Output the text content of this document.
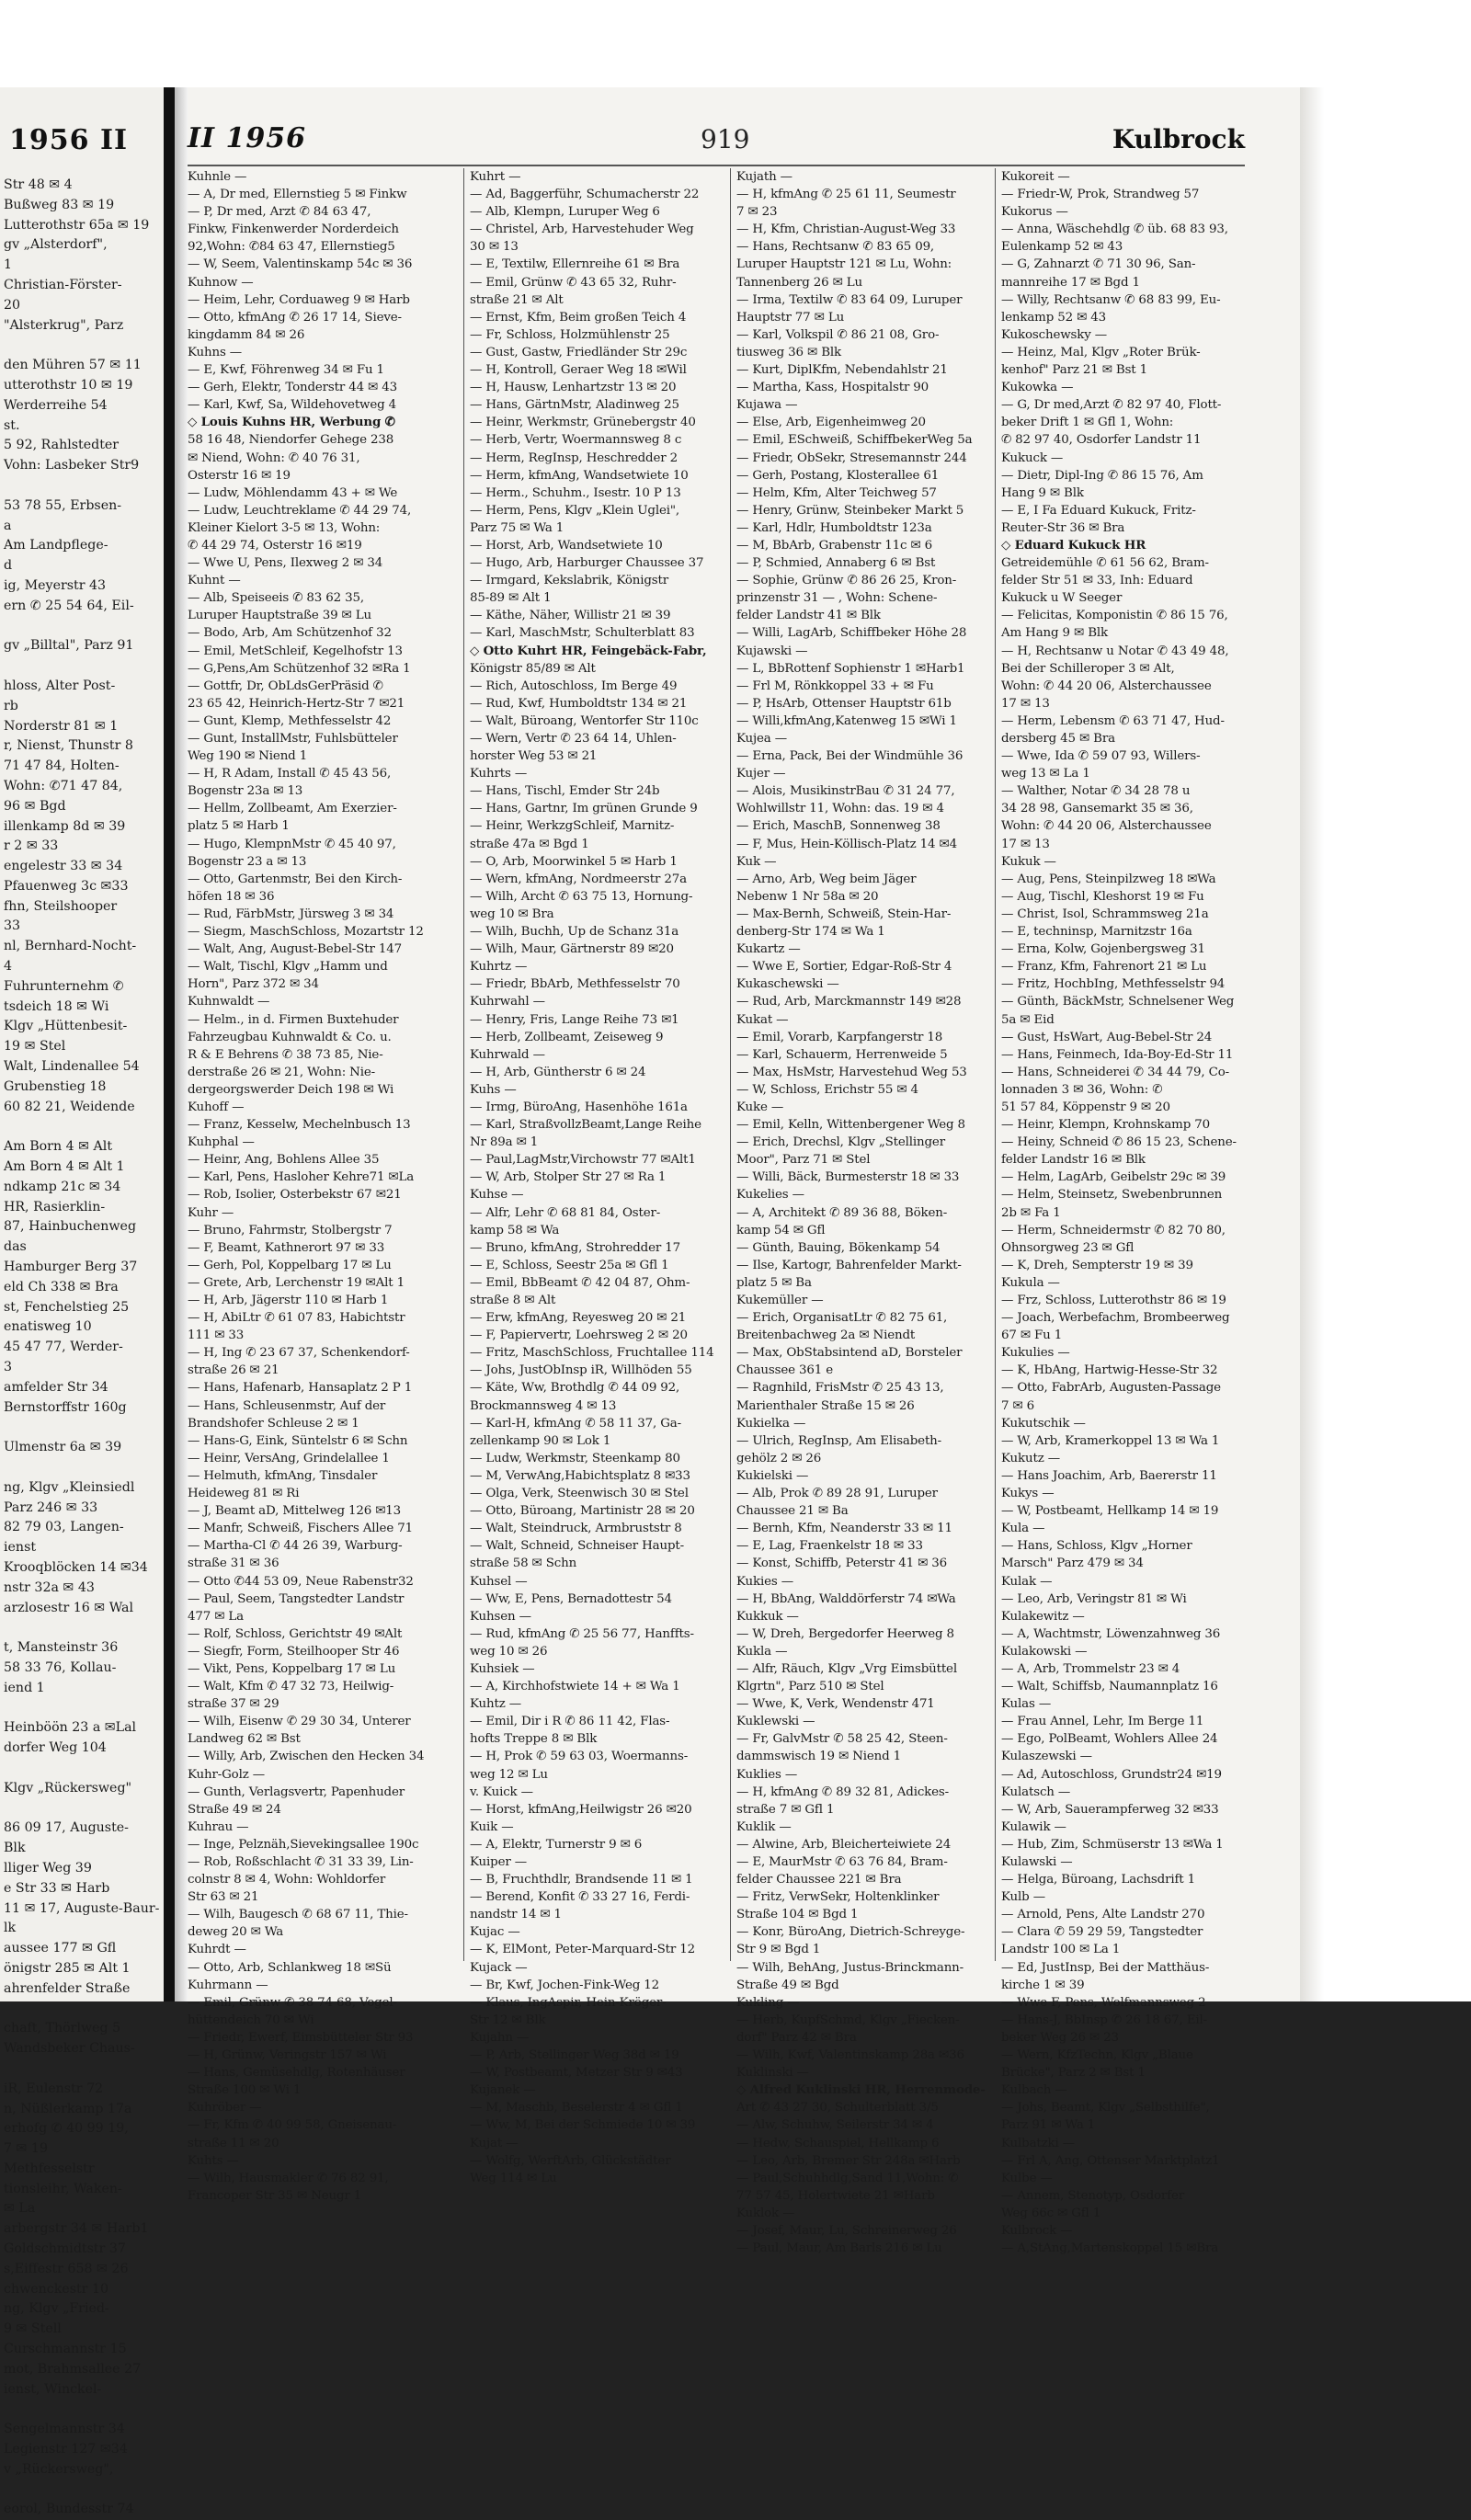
1956 II
Str 48 ✉ 4
Bußweg 83 ✉ 19
Lutterothstr 65a ✉ 19
gv „Alsterdorf",
1
Christian-Förster-
20
"Alsterkrug", Parz

den Mühren 57 ✉ 11
utterothstr 10 ✉ 19
Werderreihe 54
st.
5 92, Rahlstedter
Vohn: Lasbeker Str9

53 78 55, Erbsen-
a
Am Landpflege-
d
ig, Meyerstr 43
ern ✆ 25 54 64, Eil-

gv „Billtal", Parz 91

hloss, Alter Post-
rb
Norderstr 81 ✉ 1
r, Nienst, Thunstr 8
71 47 84, Holten-
Wohn: ✆71 47 84,
96 ✉ Bgd
illenkamp 8d ✉ 39
r 2 ✉ 33
engelestr 33 ✉ 34
Pfauenweg 3c ✉33
fhn, Steilshooper
33
nl, Bernhard-Nocht-
4
Fuhrunternehm ✆
tsdeich 18 ✉ Wi
Klgv „Hüttenbesit-
19 ✉ Stel
Walt, Lindenallee 54
Grubenstieg 18
60 82 21, Weidende

Am Born 4 ✉ Alt
Am Born 4 ✉ Alt 1
ndkamp 21c ✉ 34
HR, Rasierklin-
87, Hainbuchenweg
das
Hamburger Berg 37
eld Ch 338 ✉ Bra
st, Fenchelstieg 25
enatisweg 10
45 47 77, Werder-
3
amfelder Str 34
Bernstorffstr 160g

Ulmenstr 6a ✉ 39

ng, Klgv „Kleinsiedl
Parz 246 ✉ 33
82 79 03, Langen-
ienst
Krooqblöcken 14 ✉34
nstr 32a ✉ 43
arzlosestr 16 ✉ Wal

t, Mansteinstr 36
58 33 76, Kollau-
iend 1

Heinböön 23 a ✉Lal
dorfer Weg 104

Klgv „Rückersweg"

86 09 17, Auguste-
Blk
lliger Weg 39
e Str 33 ✉ Harb
11 ✉ 17, Auguste-Baur-
lk
aussee 177 ✉ Gfl
önigstr 285 ✉ Alt 1
ahrenfelder Straße

chaft, Thörlweg 5
Wandsbeker Chaus-

iR, Eulenstr 72
n, Nüßlerkamp 17a
erhofg ✆ 40 99 19,
7 ✉ 19
Methfesselstr
tionsleihr, Waken-
✉ La
arbergstr 34 ✉ Harb1
Goldschmidtstr 37
s,Eiffestr 658 ✉ 26
chwenckestr 10
ng, Klgv „Fried-
9 ✉ Stell
Curschmannstr 15
mot, Brahmsallee 27
ienst, Winckel-

Sengelmannstr 34
Legienstr 127 ✉34
v „Rückersweg",

eorol, Bundesstr 74
II 1956	919	Kulbrock
Kuhnle —
— A, Dr med, Ellernstieg 5 ✉ Finkw
— P, Dr med, Arzt ✆ 84 63 47,
Finkw, Finkenwerder Norderdeich
92,Wohn: ✆84 63 47, Ellernstieg5
— W, Seem, Valentinskamp 54c ✉ 36
Kuhnow —
— Heim, Lehr, Corduaweg 9 ✉ Harb
— Otto, kfmAng ✆ 26 17 14, Sieve-
kingdamm 84 ✉ 26
Kuhns —
— E, Kwf, Föhrenweg 34 ✉ Fu 1
— Gerh, Elektr, Tonderstr 44 ✉ 43
— Karl, Kwf, Sa, Wildehovetweg 4
◇ Louis Kuhns HR, Werbung ✆
58 16 48, Niendorfer Gehege 238
✉ Niend, Wohn: ✆ 40 76 31,
Osterstr 16 ✉ 19
— Ludw, Möhlendamm 43 + ✉ We
— Ludw, Leuchtreklame ✆ 44 29 74,
Kleiner Kielort 3-5 ✉ 13, Wohn:
✆ 44 29 74, Osterstr 16 ✉19
— Wwe U, Pens, Ilexweg 2 ✉ 34
Kuhnt —
— Alb, Speiseeis ✆ 83 62 35,
Luruper Hauptstraße 39 ✉ Lu
— Bodo, Arb, Am Schützenhof 32
— Emil, MetSchleif, Kegelhofstr 13
— G,Pens,Am Schützenhof 32 ✉Ra 1
— Gottfr, Dr, ObLdsGerPräsid ✆
23 65 42, Heinrich-Hertz-Str 7 ✉21
— Gunt, Klemp, Methfesselstr 42
— Gunt, InstallMstr, Fuhlsbütteler
Weg 190 ✉ Niend 1
— H, R Adam, Install ✆ 45 43 56,
Bogenstr 23a ✉ 13
— Hellm, Zollbeamt, Am Exerzier-
platz 5 ✉ Harb 1
— Hugo, KlempnMstr ✆ 45 40 97,
Bogenstr 23 a ✉ 13
— Otto, Gartenmstr, Bei den Kirch-
höfen 18 ✉ 36
— Rud, FärbMstr, Jürsweg 3 ✉ 34
— Siegm, MaschSchloss, Mozartstr 12
— Walt, Ang, August-Bebel-Str 147
— Walt, Tischl, Klgv „Hamm und
Horn", Parz 372 ✉ 34
Kuhnwaldt —
— Helm., in d. Firmen Buxtehuder
Fahrzeugbau Kuhnwaldt & Co. u.
R & E Behrens ✆ 38 73 85, Nie-
derstraße 26 ✉ 21, Wohn: Nie-
dergeorgswerder Deich 198 ✉ Wi
Kuhoff —
— Franz, Kesselw, Mechelnbusch 13
Kuhphal —
— Heinr, Ang, Bohlens Allee 35
— Karl, Pens, Hasloher Kehre71 ✉La
— Rob, Isolier, Osterbekstr 67 ✉21
Kuhr —
— Bruno, Fahrmstr, Stolbergstr 7
— F, Beamt, Kathnerort 97 ✉ 33
— Gerh, Pol, Koppelbarg 17 ✉ Lu
— Grete, Arb, Lerchenstr 19 ✉Alt 1
— H, Arb, Jägerstr 110 ✉ Harb 1
— H, AbiLtr ✆ 61 07 83, Habichtstr
111 ✉ 33
— H, Ing ✆ 23 67 37, Schenkendorf-
straße 26 ✉ 21
— Hans, Hafenarb, Hansaplatz 2 P 1
— Hans, Schleusenmstr, Auf der
Brandshofer Schleuse 2 ✉ 1
— Hans-G, Eink, Süntelstr 6 ✉ Schn
— Heinr, VersAng, Grindelallee 1
— Helmuth, kfmAng, Tinsdaler
Heideweg 81 ✉ Ri
— J, Beamt aD, Mittelweg 126 ✉13
— Manfr, Schweiß, Fischers Allee 71
— Martha-Cl ✆ 44 26 39, Warburg-
straße 31 ✉ 36
— Otto ✆44 53 09, Neue Rabenstr32
— Paul, Seem, Tangstedter Landstr
477 ✉ La
— Rolf, Schloss, Gerichtstr 49 ✉Alt
— Siegfr, Form, Steilhooper Str 46
— Vikt, Pens, Koppelbarg 17 ✉ Lu
— Walt, Kfm ✆ 47 32 73, Heilwig-
straße 37 ✉ 29
— Wilh, Eisenw ✆ 29 30 34, Unterer
Landweg 62 ✉ Bst
— Willy, Arb, Zwischen den Hecken 34
Kuhr-Golz —
— Gunth, Verlagsvertr, Papenhuder
Straße 49 ✉ 24
Kuhrau —
— Inge, Pelznäh,Sievekingsallee 190c
— Rob, Roßschlacht ✆ 31 33 39, Lin-
colnstr 8 ✉ 4, Wohn: Wohldorfer
Str 63 ✉ 21
— Wilh, Baugesch ✆ 68 67 11, Thie-
deweg 20 ✉ Wa
Kuhrdt —
— Otto, Arb, Schlankweg 18 ✉Sü
Kuhrmann —
— Emil, Grünw ✆ 38 74 68, Vogel-
hüttendeich 70 ✉ Wi
— Friedr, Ewerf, Eimsbütteler Str 93
— H, Grünw, Veringstr 157 ✉ Wi
— Hans, Gemüsehdlg, Rotenhäuser
Straße 100 ✉ Wi 1
Kuhröber —
— Fr, Kfm ✆ 40 99 58, Gneisenau-
straße 11 ✉ 20
Kuhts —
— Wilh, Hausmakler ✆ 76 82 91,
Francoper Str 35 ✉ Neugr 1
Kuhrt —
— Ad, Baggerführ, Schumacherstr 22
— Alb, Klempn, Luruper Weg 6
— Christel, Arb, Harvestehuder Weg
30 ✉ 13
— E, Textilw, Ellernreihe 61 ✉ Bra
— Emil, Grünw ✆ 43 65 32, Ruhr-
straße 21 ✉ Alt
— Ernst, Kfm, Beim großen Teich 4
— Fr, Schloss, Holzmühlenstr 25
— Gust, Gastw, Friedländer Str 29c
— H, Kontroll, Geraer Weg 18 ✉Wil
— H, Hausw, Lenhartzstr 13 ✉ 20
— Hans, GärtnMstr, Aladinweg 25
— Heinr, Werkmstr, Grünebergstr 40
— Herb, Vertr, Woermannsweg 8 c
— Herm, RegInsp, Heschredder 2
— Herm, kfmAng, Wandsetwiete 10
— Herm., Schuhm., Isestr. 10 P 13
— Herm, Pens, Klgv „Klein Uglei",
Parz 75 ✉ Wa 1
— Horst, Arb, Wandsetwiete 10
— Hugo, Arb, Harburger Chaussee 37
— Irmgard, Kekslabrik, Königstr
85-89 ✉ Alt 1
— Käthe, Näher, Willistr 21 ✉ 39
— Karl, MaschMstr, Schulterblatt 83
◇ Otto Kuhrt HR, Feingebäck-Fabr,
Königstr 85/89 ✉ Alt
— Rich, Autoschloss, Im Berge 49
— Rud, Kwf, Humboldtstr 134 ✉ 21
— Walt, Büroang, Wentorfer Str 110c
— Wern, Vertr ✆ 23 64 14, Uhlen-
horster Weg 53 ✉ 21
Kuhrts —
— Hans, Tischl, Emder Str 24b
— Hans, Gartnr, Im grünen Grunde 9
— Heinr, WerkzgSchleif, Marnitz-
straße 47a ✉ Bgd 1
— O, Arb, Moorwinkel 5 ✉ Harb 1
— Wern, kfmAng, Nordmeerstr 27a
— Wilh, Archt ✆ 63 75 13, Hornung-
weg 10 ✉ Bra
— Wilh, Buchh, Up de Schanz 31a
— Wilh, Maur, Gärtnerstr 89 ✉20
Kuhrtz —
— Friedr, BbArb, Methfesselstr 70
Kuhrwahl —
— Henry, Fris, Lange Reihe 73 ✉1
— Herb, Zollbeamt, Zeiseweg 9
Kuhrwald —
— H, Arb, Güntherstr 6 ✉ 24
Kuhs —
— Irmg, BüroAng, Hasenhöhe 161a
— Karl, StraßvollzBeamt,Lange Reihe
Nr 89a ✉ 1
— Paul,LagMstr,Virchowstr 77 ✉Alt1
— W, Arb, Stolper Str 27 ✉ Ra 1
Kuhse —
— Alfr, Lehr ✆ 68 81 84, Oster-
kamp 58 ✉ Wa
— Bruno, kfmAng, Strohredder 17
— E, Schloss, Seestr 25a ✉ Gfl 1
— Emil, BbBeamt ✆ 42 04 87, Ohm-
straße 8 ✉ Alt
— Erw, kfmAng, Reyesweg 20 ✉ 21
— F, Papiervertr, Loehrsweg 2 ✉ 20
— Fritz, MaschSchloss, Fruchtallee 114
— Johs, JustObInsp iR, Willhöden 55
— Käte, Ww, Brothdlg ✆ 44 09 92,
Brockmannsweg 4 ✉ 13
— Karl-H, kfmAng ✆ 58 11 37, Ga-
zellenkamp 90 ✉ Lok 1
— Ludw, Werkmstr, Steenkamp 80
— M, VerwAng,Habichtsplatz 8 ✉33
— Olga, Verk, Steenwisch 30 ✉ Stel
— Otto, Büroang, Martinistr 28 ✉ 20
— Walt, Steindruck, Armbruststr 8
— Walt, Schneid, Schneiser Haupt-
straße 58 ✉ Schn
Kuhsel —
— Ww, E, Pens, Bernadottestr 54
Kuhsen —
— Rud, kfmAng ✆ 25 56 77, Hanffts-
weg 10 ✉ 26
Kuhsiek —
— A, Kirchhofstwiete 14 + ✉ Wa 1
Kuhtz —
— Emil, Dir i R ✆ 86 11 42, Flas-
hofts Treppe 8 ✉ Blk
— H, Prok ✆ 59 63 03, Woermanns-
weg 12 ✉ Lu
v. Kuick —
— Horst, kfmAng,Heilwigstr 26 ✉20
Kuik —
— A, Elektr, Turnerstr 9 ✉ 6
Kuiper —
— B, Fruchthdlr, Brandsende 11 ✉ 1
— Berend, Konfit ✆ 33 27 16, Ferdi-
nandstr 14 ✉ 1
Kujac —
— K, ElMont, Peter-Marquard-Str 12
Kujack —
— Br, Kwf, Jochen-Fink-Weg 12
— Klaus, IngAspir, Hein-Kröger-
Str 12 ✉ Blk
Kujahn —
— P, Arb, Stellinger Weg 38d ✉ 19
— W, Postbeamt, Metzer Str 9 ✉43
Kujanek —
— M, Maschb, Beselerstr 4 ✉ Gfl 1
— Ww, M, Bei der Schmiede 10 ✉ 39
Kujat —
— Wolfg, WerftArb, Glückstädter
Weg 114 ✉ Lu
Kujath —
— H, kfmAng ✆ 25 61 11, Seumestr
7 ✉ 23
— H, Kfm, Christian-August-Weg 33
— Hans, Rechtsanw ✆ 83 65 09,
Luruper Hauptstr 121 ✉ Lu, Wohn:
Tannenberg 26 ✉ Lu
— Irma, Textilw ✆ 83 64 09, Luruper
Hauptstr 77 ✉ Lu
— Karl, Volkspil ✆ 86 21 08, Gro-
tiusweg 36 ✉ Blk
— Kurt, DiplKfm, Nebendahlstr 21
— Martha, Kass, Hospitalstr 90
Kujawa —
— Else, Arb, Eigenheimweg 20
— Emil, ESchweiß, SchiffbekerWeg 5a
— Friedr, ObSekr, Stresemannstr 244
— Gerh, Postang, Klosterallee 61
— Helm, Kfm, Alter Teichweg 57
— Henry, Grünw, Steinbeker Markt 5
— Karl, Hdlr, Humboldtstr 123a
— M, BbArb, Grabenstr 11c ✉ 6
— P, Schmied, Annaberg 6 ✉ Bst
— Sophie, Grünw ✆ 86 26 25, Kron-
prinzenstr 31 — , Wohn: Schene-
felder Landstr 41 ✉ Blk
— Willi, LagArb, Schiffbeker Höhe 28
Kujawski —
— L, BbRottenf Sophienstr 1 ✉Harb1
— Frl M, Rönkkoppel 33 + ✉ Fu
— P, HsArb, Ottenser Hauptstr 61b
— Willi,kfmAng,Katenweg 15 ✉Wi 1
Kujea —
— Erna, Pack, Bei der Windmühle 36
Kujer —
— Alois, MusikinstrBau ✆ 31 24 77,
Wohlwillstr 11, Wohn: das. 19 ✉ 4
— Erich, MaschB, Sonnenweg 38
— F, Mus, Hein-Köllisch-Platz 14 ✉4
Kuk —
— Arno, Arb, Weg beim Jäger
Nebenw 1 Nr 58a ✉ 20
— Max-Bernh, Schweiß, Stein-Har-
denberg-Str 174 ✉ Wa 1
Kukartz —
— Wwe E, Sortier, Edgar-Roß-Str 4
Kukaschewski —
— Rud, Arb, Marckmannstr 149 ✉28
Kukat —
— Emil, Vorarb, Karpfangerstr 18
— Karl, Schauerm, Herrenweide 5
— Max, HsMstr, Harvestehud Weg 53
— W, Schloss, Erichstr 55 ✉ 4
Kuke —
— Emil, Kelln, Wittenbergener Weg 8
— Erich, Drechsl, Klgv „Stellinger
Moor", Parz 71 ✉ Stel
— Willi, Bäck, Burmesterstr 18 ✉ 33
Kukelies —
— A, Architekt ✆ 89 36 88, Böken-
kamp 54 ✉ Gfl
— Günth, Bauing, Bökenkamp 54
— Ilse, Kartogr, Bahrenfelder Markt-
platz 5 ✉ Ba
Kukemüller —
— Erich, OrganisatLtr ✆ 82 75 61,
Breitenbachweg 2a ✉ Niendt
— Max, ObStabsintend aD, Borsteler
Chaussee 361 e
— Ragnhild, FrisMstr ✆ 25 43 13,
Marienthaler Straße 15 ✉ 26
Kukielka —
— Ulrich, RegInsp, Am Elisabeth-
gehölz 2 ✉ 26
Kukielski —
— Alb, Prok ✆ 89 28 91, Luruper
Chaussee 21 ✉ Ba
— Bernh, Kfm, Neanderstr 33 ✉ 11
— E, Lag, Fraenkelstr 18 ✉ 33
— Konst, Schiffb, Peterstr 41 ✉ 36
Kukies —
— H, BbAng, Walddörferstr 74 ✉Wa
Kukkuk —
— W, Dreh, Bergedorfer Heerweg 8
Kukla —
— Alfr, Räuch, Klgv „Vrg Eimsbüttel
Klgrtn", Parz 510 ✉ Stel
— Wwe, K, Verk, Wendenstr 471
Kuklewski —
— Fr, GalvMstr ✆ 58 25 42, Steen-
dammswisch 19 ✉ Niend 1
Kuklies —
— H, kfmAng ✆ 89 32 81, Adickes-
straße 7 ✉ Gfl 1
Kuklik —
— Alwine, Arb, Bleicherteiwiete 24
— E, MaurMstr ✆ 63 76 84, Bram-
felder Chaussee 221 ✉ Bra
— Fritz, VerwSekr, Holtenklinker
Straße 104 ✉ Bgd 1
— Konr, BüroAng, Dietrich-Schreyge-
Str 9 ✉ Bgd 1
— Wilh, BehAng, Justus-Brinckmann-
Straße 49 ✉ Bgd
Kukling —
— Herb, KupfSchmd, Klgv „Fiecken-
dorf" Parz 42 ✉ Bra
— Wilh, Kwf, Valentinskamp 28a ✉36
Kuklinski —
◇ Alfred Kuklinski HR, Herrenmode-
Art ✆ 43 27 30, Schulterblatt 3/5
— Alw, Schuhw, Seilerstr 34 ✉ 4
— Hedw, Schauspiel, Hellkamp 6
— Leo, Arb, Bremer Str 248a ✉Harb
— Paul,Schuhhdlg,Sand 11,Wohn: ✆
77 57 45, Holertwiete 21 ✉Harb
Kuklok —
— Josef, Maur, Lu, Schreinerweg 26
— Paul, Maur, Am Barls 216 ✉ Lu
Kukoreit —
— Friedr-W, Prok, Strandweg 57
Kukorus —
— Anna, Wäschehdlg ✆ üb. 68 83 93,
Eulenkamp 52 ✉ 43
— G, Zahnarzt ✆ 71 30 96, San-
mannreihe 17 ✉ Bgd 1
— Willy, Rechtsanw ✆ 68 83 99, Eu-
lenkamp 52 ✉ 43
Kukoschewsky —
— Heinz, Mal, Klgv „Roter Brük-
kenhof" Parz 21 ✉ Bst 1
Kukowka —
— G, Dr med,Arzt ✆ 82 97 40, Flott-
beker Drift 1 ✉ Gfl 1, Wohn:
✆ 82 97 40, Osdorfer Landstr 11
Kukuck —
— Dietr, Dipl-Ing ✆ 86 15 76, Am
Hang 9 ✉ Blk
— E, I Fa Eduard Kukuck, Fritz-
Reuter-Str 36 ✉ Bra
◇ Eduard Kukuck HR
Getreidemühle ✆ 61 56 62, Bram-
felder Str 51 ✉ 33, Inh: Eduard
Kukuck u W Seeger
— Felicitas, Komponistin ✆ 86 15 76,
Am Hang 9 ✉ Blk
— H, Rechtsanw u Notar ✆ 43 49 48,
Bei der Schilleroper 3 ✉ Alt,
Wohn: ✆ 44 20 06, Alsterchaussee
17 ✉ 13
— Herm, Lebensm ✆ 63 71 47, Hud-
dersberg 45 ✉ Bra
— Wwe, Ida ✆ 59 07 93, Willers-
weg 13 ✉ La 1
— Walther, Notar ✆ 34 28 78 u
34 28 98, Gansemarkt 35 ✉ 36,
Wohn: ✆ 44 20 06, Alsterchaussee
17 ✉ 13
Kukuk —
— Aug, Pens, Steinpilzweg 18 ✉Wa
— Aug, Tischl, Kleshorst 19 ✉ Fu
— Christ, Isol, Schrammsweg 21a
— E, techninsp, Marnitzstr 16a
— Erna, Kolw, Gojenbergsweg 31
— Franz, Kfm, Fahrenort 21 ✉ Lu
— Fritz, HochbIng, Methfesselstr 94
— Günth, BäckMstr, Schnelsener Weg
5a ✉ Eid
— Gust, HsWart, Aug-Bebel-Str 24
— Hans, Feinmech, Ida-Boy-Ed-Str 11
— Hans, Schneiderei ✆ 34 44 79, Co-
lonnaden 3 ✉ 36, Wohn: ✆
51 57 84, Köppenstr 9 ✉ 20
— Heinr, Klempn, Krohnskamp 70
— Heiny, Schneid ✆ 86 15 23, Schene-
felder Landstr 16 ✉ Blk
— Helm, LagArb, Geibelstr 29c ✉ 39
— Helm, Steinsetz, Swebenbrunnen
2b ✉ Fa 1
— Herm, Schneidermstr ✆ 82 70 80,
Ohnsorgweg 23 ✉ Gfl
— K, Dreh, Sempterstr 19 ✉ 39
Kukula —
— Frz, Schloss, Lutterothstr 86 ✉ 19
— Joach, Werbefachm, Brombeerweg
67 ✉ Fu 1
Kukulies —
— K, HbAng, Hartwig-Hesse-Str 32
— Otto, FabrArb, Augusten-Passage
7 ✉ 6
Kukutschik —
— W, Arb, Kramerkoppel 13 ✉ Wa 1
Kukutz —
— Hans Joachim, Arb, Baererstr 11
Kukys —
— W, Postbeamt, Hellkamp 14 ✉ 19
Kula —
— Hans, Schloss, Klgv „Horner
Marsch" Parz 479 ✉ 34
Kulak —
— Leo, Arb, Veringstr 81 ✉ Wi
Kulakewitz —
— A, Wachtmstr, Löwenzahnweg 36
Kulakowski —
— A, Arb, Trommelstr 23 ✉ 4
— Walt, Schiffsb, Naumannplatz 16
Kulas —
— Frau Annel, Lehr, Im Berge 11
— Ego, PolBeamt, Wohlers Allee 24
Kulaszewski —
— Ad, Autoschloss, Grundstr24 ✉19
Kulatsch —
— W, Arb, Sauerampferweg 32 ✉33
Kulawik —
— Hub, Zim, Schmüserstr 13 ✉Wa 1
Kulawski —
— Helga, Büroang, Lachsdrift 1
Kulb —
— Arnold, Pens, Alte Landstr 270
— Clara ✆ 59 29 59, Tangstedter
Landstr 100 ✉ La 1
— Ed, JustInsp, Bei der Matthäus-
kirche 1 ✉ 39
— Wwe F, Pens, Wolfmannsweg 2
— Hans-J, BbInsp ✆ 26 18 67, Eil-
beker Weg 26 ✉ 23
— Wern, KfzTechn, Klgv „Blaue
Brücke", Parz 2 ✉ Bst 1
Kulbach —
— Johs, Beamt, Klgv „Selbsthilfe",
Parz 91 ✉ Wa 1
Kulbatzki —
— Frl A, Ang, Ottenser Marktplatz1
Kulbe —
— Annem, Stenotyp, Osdorfer
Weg 66c ✉ Gfl 1
Kulbrock —
— A,StAng,Martenskoppel 15 ✉Bra
